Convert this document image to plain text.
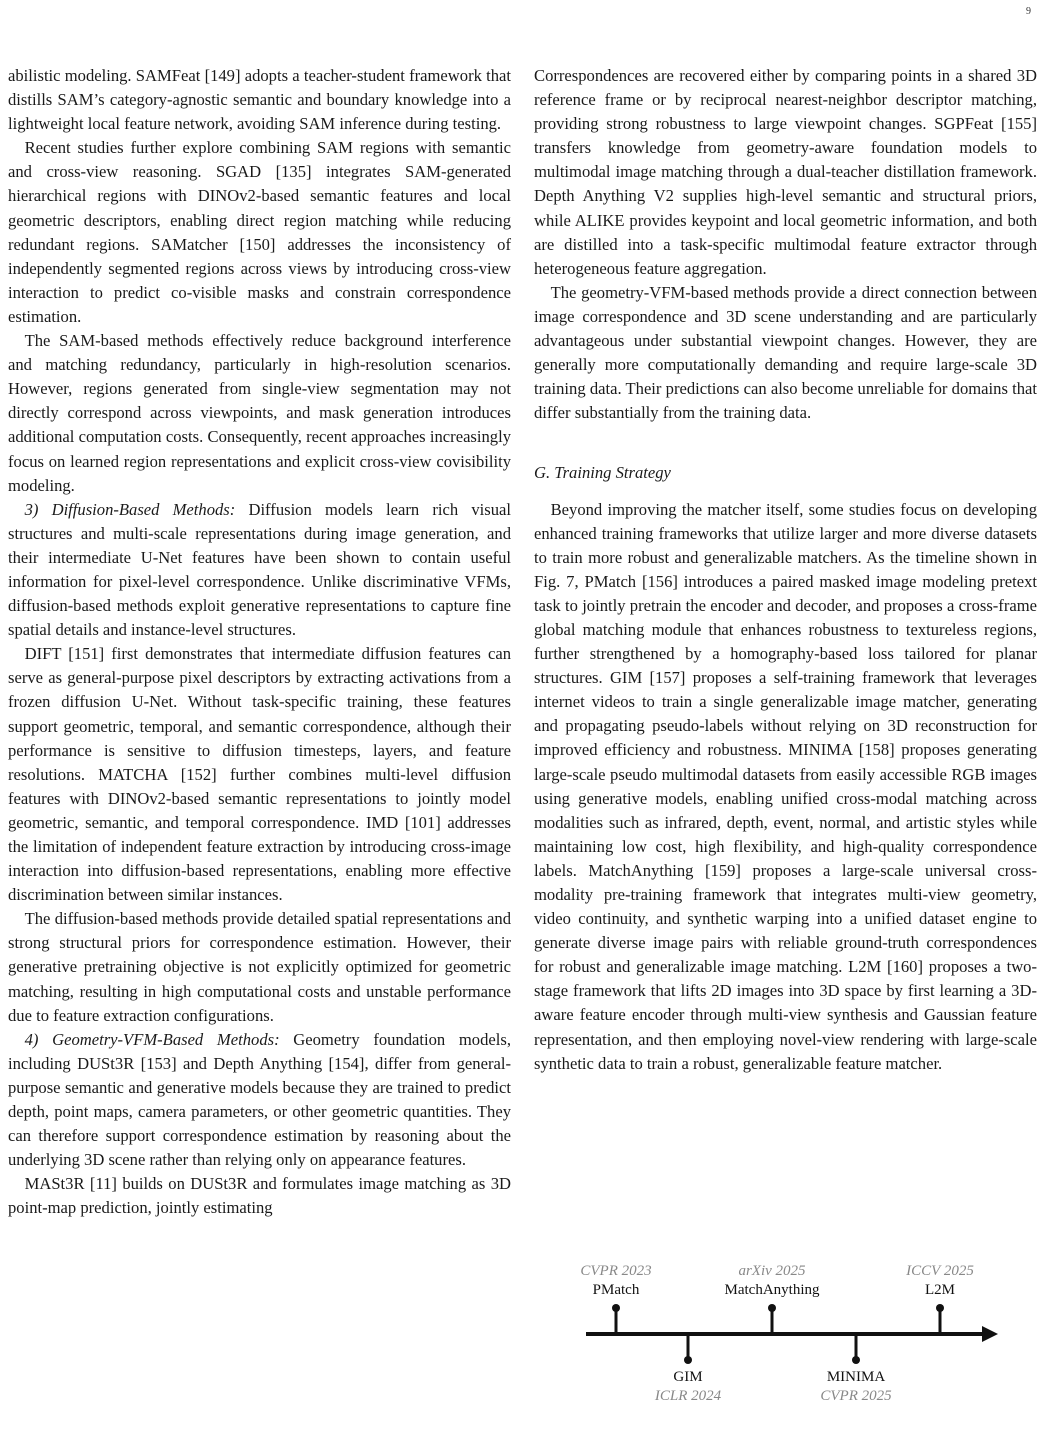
9

abilistic modeling. SAMFeat [149] adopts a teacher-student framework that distills SAM’s category-agnostic semantic and boundary knowledge into a lightweight local feature network, avoiding SAM inference during testing.

Recent studies further explore combining SAM regions with semantic and cross-view reasoning. SGAD [135] integrates SAM-generated hierarchical regions with DINOv2-based semantic features and local geometric descriptors, enabling direct region matching while reducing redundant regions. SAMatcher [150] addresses the inconsistency of independently segmented regions across views by introducing cross-view interaction to predict co-visible masks and constrain correspondence estimation.

The SAM-based methods effectively reduce background interference and matching redundancy, particularly in high-resolution scenarios. However, regions generated from single-view segmentation may not directly correspond across viewpoints, and mask generation introduces additional computation costs. Consequently, recent approaches increasingly focus on learned region representations and explicit cross-view covisibility modeling.

3) Diffusion-Based Methods: Diffusion models learn rich visual structures and multi-scale representations during image generation, and their intermediate U-Net features have been shown to contain useful information for pixel-level correspondence. Unlike discriminative VFMs, diffusion-based methods exploit generative representations to capture fine spatial details and instance-level structures.

DIFT [151] first demonstrates that intermediate diffusion features can serve as general-purpose pixel descriptors by extracting activations from a frozen diffusion U-Net. Without task-specific training, these features support geometric, temporal, and semantic correspondence, although their performance is sensitive to diffusion timesteps, layers, and feature resolutions. MATCHA [152] further combines multi-level diffusion features with DINOv2-based semantic representations to jointly model geometric, semantic, and temporal correspondence. IMD [101] addresses the limitation of independent feature extraction by introducing cross-image interaction into diffusion-based representations, enabling more effective discrimination between similar instances.

The diffusion-based methods provide detailed spatial representations and strong structural priors for correspondence estimation. However, their generative pretraining objective is not explicitly optimized for geometric matching, resulting in high computational costs and unstable performance due to feature extraction configurations.

4) Geometry-VFM-Based Methods: Geometry foundation models, including DUSt3R [153] and Depth Anything [154], differ from general-purpose semantic and generative models because they are trained to predict depth, point maps, camera parameters, or other geometric quantities. They can therefore support correspondence estimation by reasoning about the underlying 3D scene rather than relying only on appearance features.

MASt3R [11] builds on DUSt3R and formulates image matching as 3D point-map prediction, jointly estimating

Correspondences are recovered either by comparing points in a shared 3D reference frame or by reciprocal nearest-neighbor descriptor matching, providing strong robustness to large viewpoint changes. SGPFeat [155] transfers knowledge from geometry-aware foundation models to multimodal image matching through a dual-teacher distillation framework. Depth Anything V2 supplies high-level semantic and structural priors, while ALIKE provides keypoint and local geometric information, and both are distilled into a task-specific multimodal feature extractor through heterogeneous feature aggregation.

The geometry-VFM-based methods provide a direct connection between image correspondence and 3D scene understanding and are particularly advantageous under substantial viewpoint changes. However, they are generally more computationally demanding and require large-scale 3D training data. Their predictions can also become unreliable for domains that differ substantially from the training data.

G. Training Strategy

Beyond improving the matcher itself, some studies focus on developing enhanced training frameworks that utilize larger and more diverse datasets to train more robust and generalizable matchers. As the timeline shown in Fig. 7, PMatch [156] introduces a paired masked image modeling pretext task to jointly pretrain the encoder and decoder, and proposes a cross-frame global matching module that enhances robustness to textureless regions, further strengthened by a homography-based loss tailored for planar structures. GIM [157] proposes a self-training framework that leverages internet videos to train a single generalizable image matcher, generating and propagating pseudo-labels without relying on 3D reconstruction for improved efficiency and robustness. MINIMA [158] proposes generating large-scale pseudo multimodal datasets from easily accessible RGB images using generative models, enabling unified cross-modal matching across modalities such as infrared, depth, event, normal, and artistic styles while maintaining low cost, high flexibility, and high-quality correspondence labels. MatchAnything [159] proposes a large-scale universal cross-modality pre-training framework that integrates multi-view geometry, video continuity, and synthetic warping into a unified dataset engine to generate diverse image pairs with reliable ground-truth correspondences for robust and generalizable image matching. L2M [160] proposes a two-stage framework that lifts 2D images into 3D space by first learning a 3D-aware feature encoder through multi-view synthesis and Gaussian feature representation, and then employing novel-view rendering with large-scale synthetic data to train a robust, generalizable feature matcher.

CVPR 2023
PMatch
GIM
ICLR 2024
arXiv 2025
MatchAnything
MINIMA
CVPR 2025
ICCV 2025
L2M
